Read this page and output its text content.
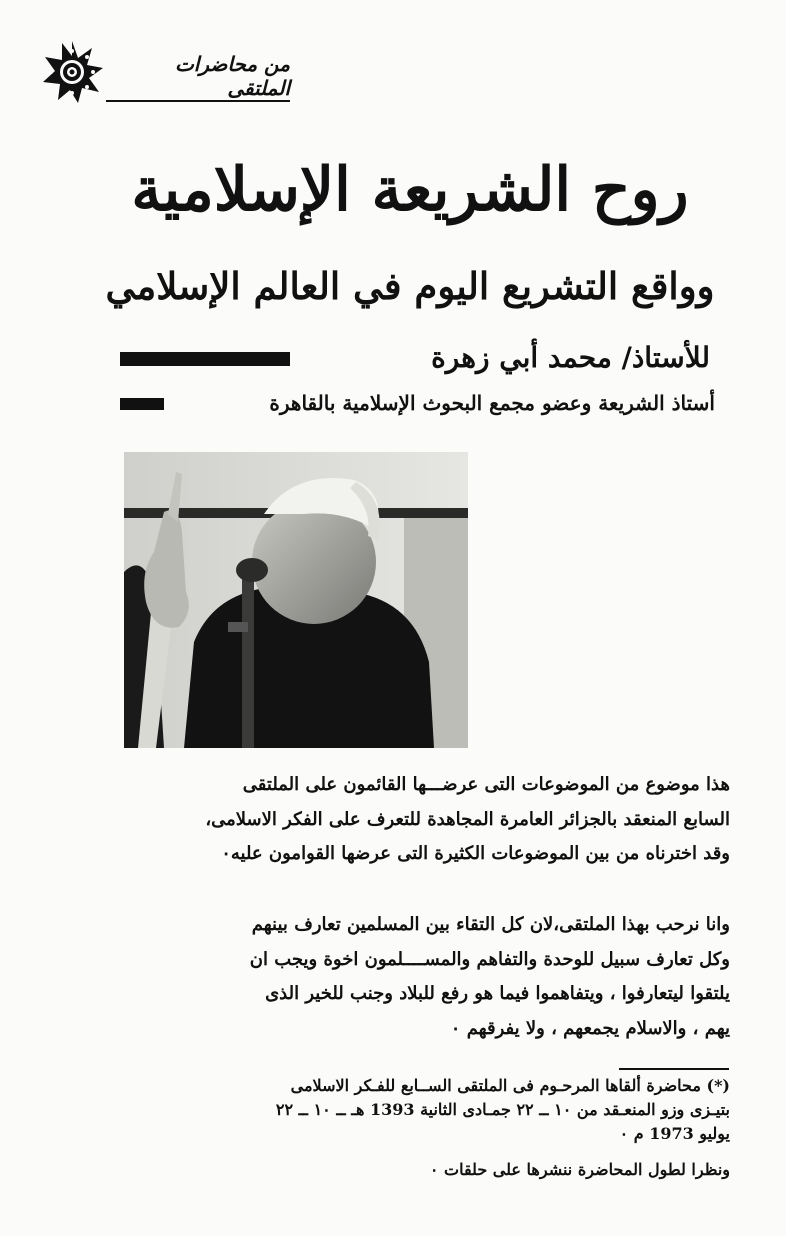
من محاضرات الملتقى
روح الشريعة الإسلامية
وواقع التشريع اليوم في العالم الإسلامي
للأستاذ/ محمد أبي زهرة
أستاذ الشريعة وعضو مجمع البحوث الإسلامية بالقاهرة
هذا موضوع من الموضوعات التى عرضـــها القائمون على الملتقى
السابع المنعقد بالجزائر العامرة المجاهدة للتعرف على الفكر الاسلامى،
وقد اخترناه من بين الموضوعات الكثيرة التى عرضها القوامون عليه٠
وانا نرحب بهذا الملتقى،لان كل التقاء بين المسلمين تعارف بينهم
وكل تعارف سبيل للوحدة والتفاهم والمســــلمون اخوة ويجب ان
يلتقوا ليتعارفوا ، ويتفاهموا فيما هو رفع للبلاد وجنب للخير الذى
يهم ، والاسلام يجمعهم ، ولا يفرقهم ٠
(*) محاضرة ألقاها المرحـوم فى الملتقى الســابع للفـكر الاسلامى
بتيـزى وزو المنعـقد من ١٠ ــ ٢٢ جمـادى الثانية 1393 هـ ــ ١٠ ــ ٢٢
يوليو 1973 م ٠
ونظرا لطول المحاضرة ننشرها على حلقات ٠
